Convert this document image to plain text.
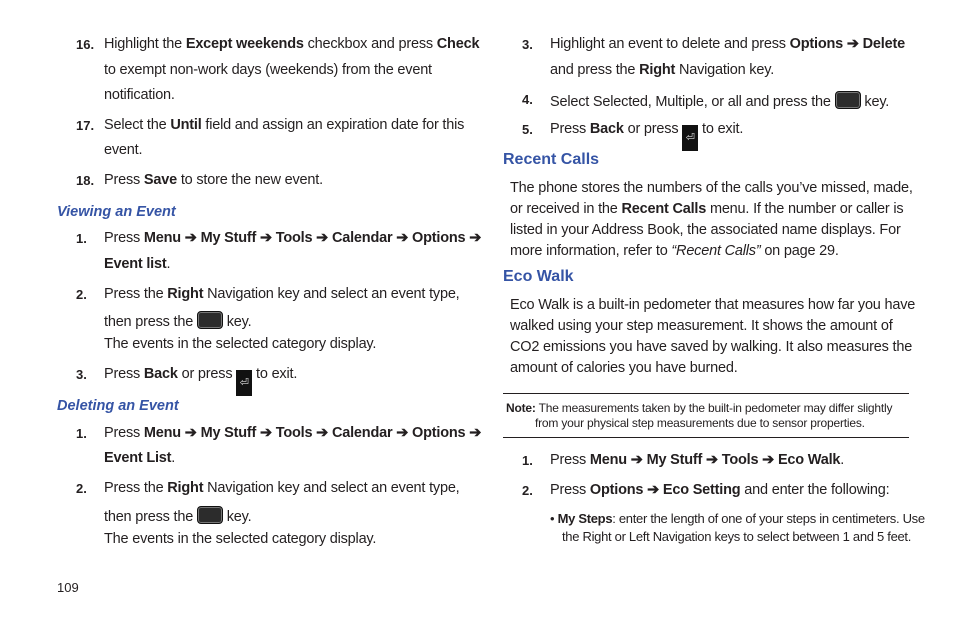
16. Highlight the Except weekends checkbox and press Check
to exempt non-work days (weekends) from the event
notification.
17. Select the Until field and assign an expiration date for this
event.
18. Press Save to store the new event.
Viewing an Event
1. Press Menu ➔ My Stuff ➔ Tools ➔ Calendar ➔ Options ➔
Event list.
2. Press the Right Navigation key and select an event type,
then press the  key.
The events in the selected category display.
3. Press Back or press ⏎ to exit.
Deleting an Event
1. Press Menu ➔ My Stuff ➔ Tools ➔ Calendar ➔ Options ➔
Event List.
2. Press the Right Navigation key and select an event type,
then press the  key.
The events in the selected category display.
109
3. Highlight an event to delete and press Options ➔ Delete
and press the Right Navigation key.
4. Select Selected, Multiple, or all and press the  key.
5. Press Back or press ⏎ to exit.
Recent Calls
The phone stores the numbers of the calls you’ve missed, made,
or received in the Recent Calls menu. If the number or caller is
listed in your Address Book, the associated name displays. For
more information, refer to “Recent Calls” on page 29.
Eco Walk
Eco Walk is a built-in pedometer that measures how far you have
walked using your step measurement. It shows the amount of
CO2 emissions you have saved by walking. It also measures the
amount of calories you have burned.
Note: The measurements taken by the built-in pedometer may differ slightly
from your physical step measurements due to sensor properties.
1. Press Menu ➔ My Stuff ➔ Tools ➔ Eco Walk.
2. Press Options ➔ Eco Setting and enter the following:
• My Steps: enter the length of one of your steps in centimeters. Use
the Right or Left Navigation keys to select between 1 and 5 feet.
